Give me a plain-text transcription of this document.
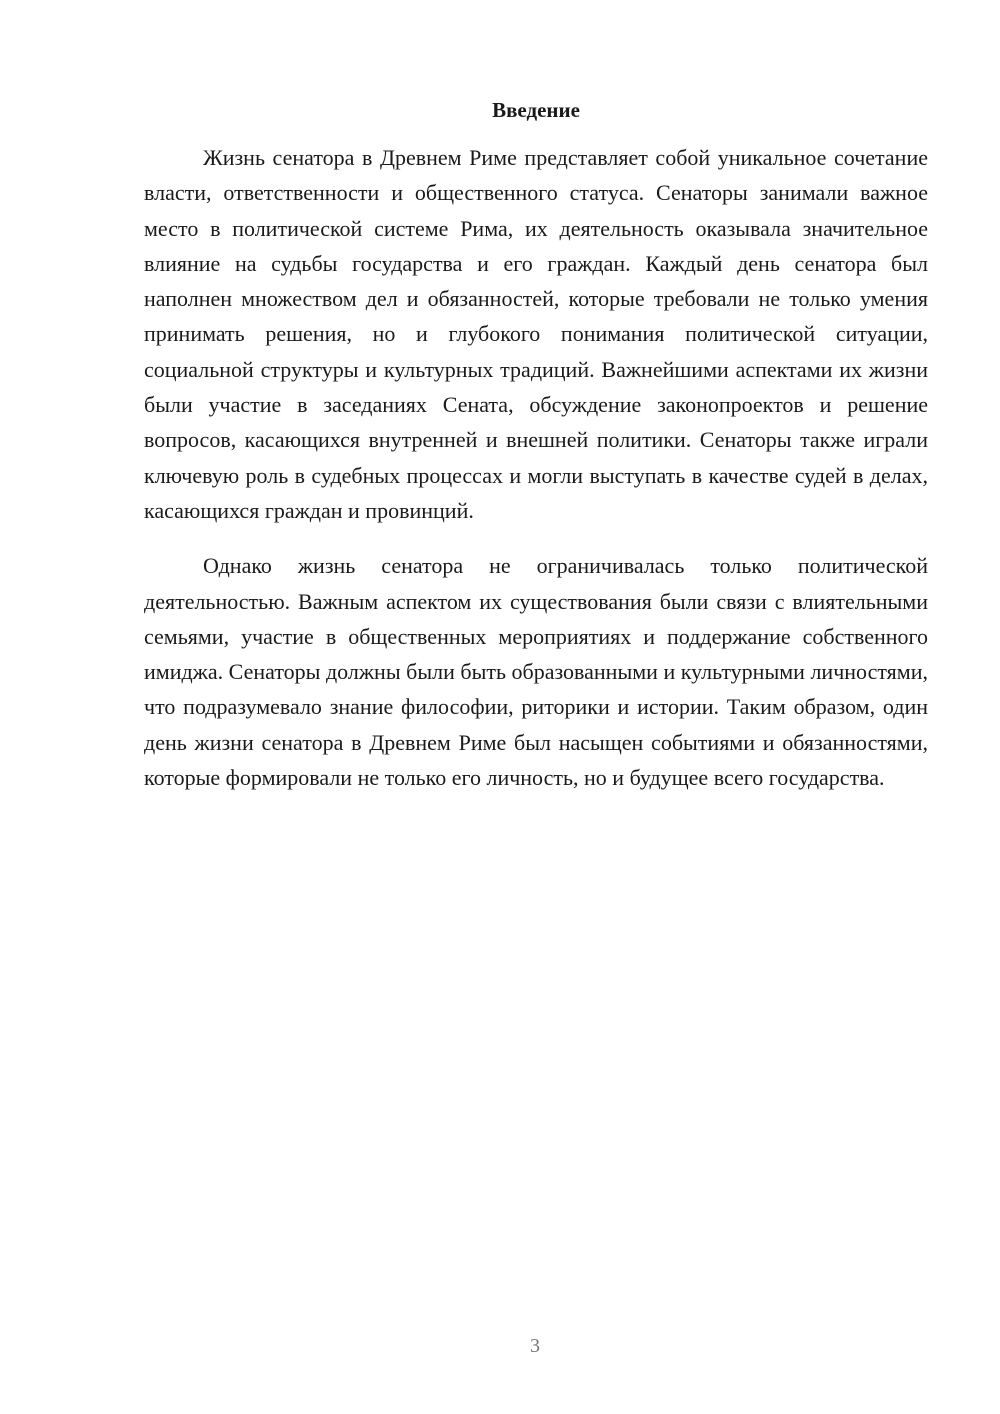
Введение

Жизнь сенатора в Древнем Риме представляет собой уникальное сочетание власти, ответственности и общественного статуса. Сенаторы занимали важное место в политической системе Рима, их деятельность оказывала значительное влияние на судьбы государства и его граждан. Каждый день сенатора был наполнен множеством дел и обязанностей, которые требовали не только умения принимать решения, но и глубокого понимания политической ситуации, социальной структуры и культурных традиций. Важнейшими аспектами их жизни были участие в заседаниях Сената, обсуждение законопроектов и решение вопросов, касающихся внутренней и внешней политики. Сенаторы также играли ключевую роль в судебных процессах и могли выступать в качестве судей в делах, касающихся граждан и провинций.

Однако жизнь сенатора не ограничивалась только политической деятельностью. Важным аспектом их существования были связи с влиятельными семьями, участие в общественных мероприятиях и поддержание собственного имиджа. Сенаторы должны были быть образованными и культурными личностями, что подразумевало знание философии, риторики и истории. Таким образом, один день жизни сенатора в Древнем Риме был насыщен событиями и обязанностями, которые формировали не только его личность, но и будущее всего государства.

3
